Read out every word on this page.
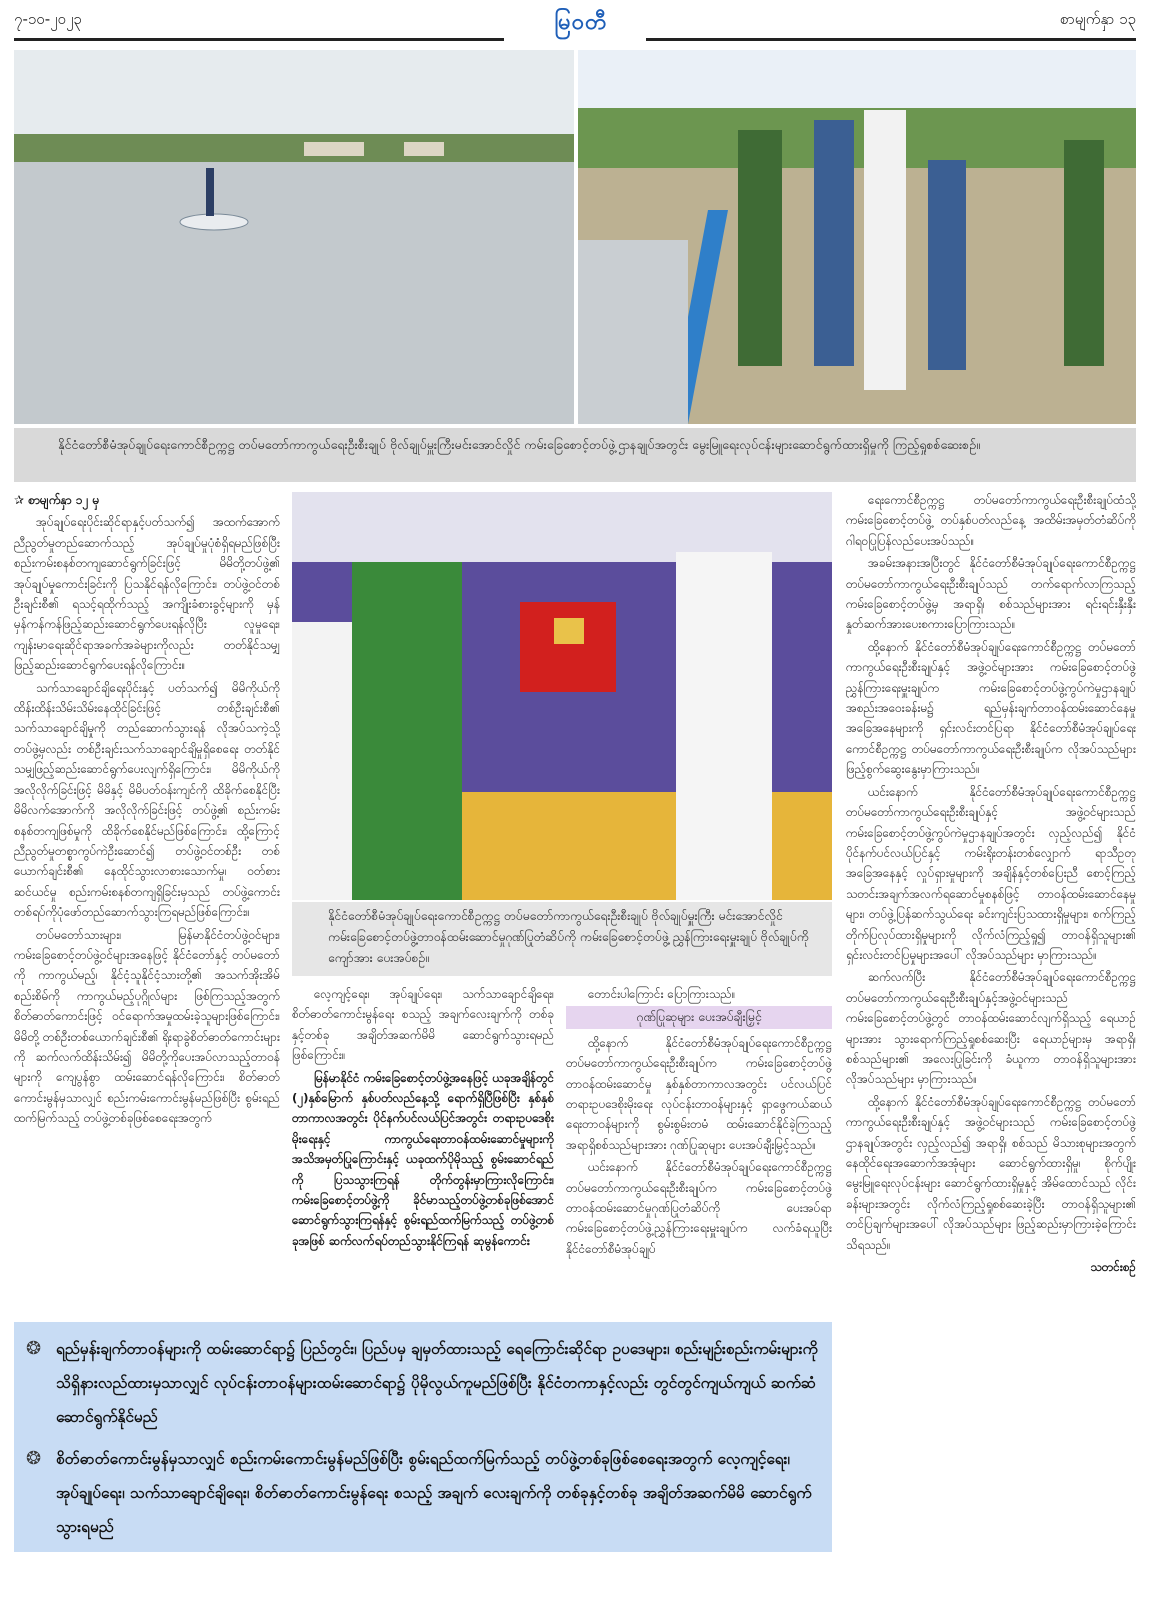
၇-၁၀-၂၀၂၃	မြဝတီ	စာမျက်နှာ ၁၃
နိုင်ငံတော်စီမံအုပ်ချုပ်ရေးကောင်စီဥက္ကဋ္ဌ တပ်မတော်ကာကွယ်ရေးဦးစီးချုပ် ဗိုလ်ချုပ်မှူးကြီးမင်းအောင်လှိုင် ကမ်းခြေစောင့်တပ်ဖွဲ့ဌာနချုပ်အတွင်း မွေးမြူရေးလုပ်ငန်းများဆောင်ရွက်ထားရှိမှုကို ကြည့်ရှုစစ်ဆေးစဉ်။

✰ စာမျက်နှာ ၁၂ မှ

အုပ်ချုပ်ရေးပိုင်းဆိုင်ရာနှင့်ပတ်သက်၍ အထက်အောက် ညီညွတ်မှုတည်ဆောက်သည့် အုပ်ချုပ်မှုပုံစံရှိရမည်ဖြစ်ပြီး စည်းကမ်းစနစ်တကျဆောင်ရွက်ခြင်းဖြင့် မိမိတို့တပ်ဖွဲ့၏ အုပ်ချုပ်မှုကောင်းခြင်းကို ပြသနိုင်ရန်လိုကြောင်း၊ တပ်ဖွဲ့ဝင်တစ်ဦးချင်းစီ၏ ရသင့်ရထိုက်သည့် အကျိုးခံစားခွင့်များကို မှန်မှန်ကန်ကန်ဖြည့်ဆည်းဆောင်ရွက်ပေးရန်လိုပြီး လူမှုရေး၊ ကျန်းမာရေးဆိုင်ရာအခက်အခဲများကိုလည်း တတ်နိုင်သမျှဖြည့်ဆည်းဆောင်ရွက်ပေးရန်လိုကြောင်း။

သက်သာချောင်ချိရေးပိုင်းနှင့် ပတ်သက်၍ မိမိကိုယ်ကို ထိန်းထိန်းသိမ်းသိမ်းနေထိုင်ခြင်းဖြင့် တစ်ဦးချင်းစီ၏ သက်သာချောင်ချိမှုကို တည်ဆောက်သွားရန် လိုအပ်သကဲ့သို့ တပ်ဖွဲ့မှလည်း တစ်ဦးချင်းသက်သာချောင်ချိမှုရှိစေရေး တတ်နိုင်သမျှဖြည့်ဆည်းဆောင်ရွက်ပေးလျက်ရှိကြောင်း၊ မိမိကိုယ်ကို အလိုလိုက်ခြင်းဖြင့် မိမိနှင့် မိမိပတ်ဝန်းကျင်ကို ထိခိုက်စေနိုင်ပြီး မိမိလက်အောက်ကို အလိုလိုက်ခြင်းဖြင့် တပ်ဖွဲ့၏ စည်းကမ်းစနစ်တကျဖြစ်မှုကို ထိခိုက်စေနိုင်မည်ဖြစ်ကြောင်း၊ ထို့ကြောင့် ညီညွတ်မှုတစ္စာကွပ်ကဲဦးဆောင်၍ တပ်ဖွဲ့ဝင်တစ်ဦး တစ်ယောက်ချင်းစီ၏ နေထိုင်သွားလာစားသောက်မှု၊ ဝတ်စားဆင်ယင်မှု စည်းကမ်းစနစ်တကျရှိခြင်းမှသည် တပ်ဖွဲ့ကောင်းတစ်ရပ်ကိုပုံဖော်တည်ဆောက်သွားကြရမည်ဖြစ်ကြောင်း။

တပ်မတော်သားများ၊ မြန်မာနိုင်ငံတပ်ဖွဲ့ဝင်များ၊ ကမ်းခြေစောင့်တပ်ဖွဲ့ဝင်များအနေဖြင့် နိုင်ငံတော်နှင့် တပ်မတော်ကို ကာကွယ်မည့်၊ နိုင်ငံ့သူနိုင်ငံ့သားတို့၏ အသက်အိုးအိမ်စည်းစိမ်ကို ကာကွယ်မည့်ပုဂ္ဂိုလ်များ ဖြစ်ကြသည့်အတွက် စိတ်ဓာတ်ကောင်းဖြင့် ဝင်ရောက်အမှုထမ်းခဲ့သူများဖြစ်ကြောင်း၊ မိမိတို့ တစ်ဦးတစ်ယောက်ချင်းစီ၏ ရိုးရာခွဲစိတ်ဓာတ်ကောင်းများကို ဆက်လက်ထိန်းသိမ်း၍ မိမိတို့ကိုပေးအပ်လာသည့်တာဝန်များကို ကျေပွန်စွာ ထမ်းဆောင်ရန်လိုကြောင်း၊ စိတ်ဓာတ်ကောင်းမွန်မှသာလျှင် စည်းကမ်းကောင်းမွန်မည်ဖြစ်ပြီး စွမ်းရည်ထက်မြက်သည့် တပ်ဖွဲ့တစ်ခုဖြစ်စေရေးအတွက်

နိုင်ငံတော်စီမံအုပ်ချုပ်ရေးကောင်စီဥက္ကဋ္ဌ တပ်မတော်ကာကွယ်ရေးဦးစီးချုပ် ဗိုလ်ချုပ်မှူးကြီး မင်းအောင်လှိုင် ကမ်းခြေစောင့်တပ်ဖွဲ့တာဝန်ထမ်းဆောင်မှုဂုဏ်ပြုတံဆိပ်ကို ကမ်းခြေစောင့်တပ်ဖွဲ့ ညွှန်ကြားရေးမှူးချုပ် ဗိုလ်ချုပ်ကိုကျော်အား ပေးအပ်စဉ်။

လေ့ကျင့်ရေး၊ အုပ်ချုပ်ရေး၊ သက်သာချောင်ချိရေး၊ စိတ်ဓာတ်ကောင်းမွန်ရေး စသည့် အချက်လေးချက်ကို တစ်ခုနှင့်တစ်ခု အချိတ်အဆက်မိမိ ဆောင်ရွက်သွားရမည်ဖြစ်ကြောင်း။

မြန်မာနိုင်ငံ ကမ်းခြေစောင့်တပ်ဖွဲ့အနေဖြင့် ယခုအချိန်တွင် (၂)နှစ်မြောက် နှစ်ပတ်လည်နေ့သို့ ရောက်ရှိပြီဖြစ်ပြီး နှစ်နှစ်တာကာလအတွင်း ပိုင်နက်ပင်လယ်ပြင်အတွင်း တရားဥပဒေစိုးမိုးရေးနှင့် ကာကွယ်ရေးတာဝန်ထမ်းဆောင်မှုများကို အသိအမှတ်ပြုကြောင်းနှင့် ယခုထက်ပိုမိုသည့် စွမ်းဆောင်ရည်ကို ပြသသွားကြရန် တိုက်တွန်းမှာကြားလိုကြောင်း၊ ကမ်းခြေစောင့်တပ်ဖွဲ့ကို ခိုင်မာသည့်တပ်ဖွဲ့တစ်ခုဖြစ်အောင် ဆောင်ရွက်သွားကြရန်နှင့် စွမ်းရည်ထက်မြက်သည့် တပ်ဖွဲ့တစ်ခုအဖြစ် ဆက်လက်ရပ်တည်သွားနိုင်ကြရန် ဆုမွန်ကောင်း

တောင်းပါကြောင်း ပြောကြားသည်။

ဂုဏ်ပြုဆုများ ပေးအပ်ချီးမြှင့်

ထို့နောက် နိုင်ငံတော်စီမံအုပ်ချုပ်ရေးကောင်စီဥက္ကဋ္ဌ တပ်မတော်ကာကွယ်ရေးဦးစီးချုပ်က ကမ်းခြေစောင့်တပ်ဖွဲ့တာဝန်ထမ်းဆောင်မှု နှစ်နှစ်တာကာလအတွင်း ပင်လယ်ပြင်တရားဥပဒေစိုးမိုးရေး လုပ်ငန်းတာဝန်များနှင့် ရှာဖွေကယ်ဆယ်ရေးတာဝန်များကို စွမ်းစွမ်းတမံ ထမ်းဆောင်နိုင်ခဲ့ကြသည့် အရာရှိစစ်သည်များအား ဂုဏ်ပြုဆုများ ပေးအပ်ချီးမြှင့်သည်။

ယင်းနောက် နိုင်ငံတော်စီမံအုပ်ချုပ်ရေးကောင်စီဥက္ကဋ္ဌ တပ်မတော်ကာကွယ်ရေးဦးစီးချုပ်က ကမ်းခြေစောင့်တပ်ဖွဲ့တာဝန်ထမ်းဆောင်မှုဂုဏ်ပြုတံဆိပ်ကို ပေးအပ်ရာ ကမ်းခြေစောင့်တပ်ဖွဲ့ညွှန်ကြားရေးမှူးချုပ်က လက်ခံရယူပြီး နိုင်ငံတော်စီမံအုပ်ချုပ်

ရေးကောင်စီဥက္ကဋ္ဌ တပ်မတော်ကာကွယ်ရေးဦးစီးချုပ်ထံသို့ ကမ်းခြေစောင့်တပ်ဖွဲ့ တပ်နှစ်ပတ်လည်နေ့ အထိမ်းအမှတ်တံဆိပ်ကို ဂါရဝပြုပြန်လည်ပေးအပ်သည်။

အခမ်းအနားအပြီးတွင် နိုင်ငံတော်စီမံအုပ်ချုပ်ရေးကောင်စီဥက္ကဋ္ဌ တပ်မတော်ကာကွယ်ရေးဦးစီးချုပ်သည် တက်ရောက်လာကြသည့် ကမ်းခြေစောင့်တပ်ဖွဲ့မှ အရာရှိ၊ စစ်သည်များအား ရင်းရင်းနှီးနှီး နှုတ်ဆက်အားပေးစကားပြောကြားသည်။

ထို့နောက် နိုင်ငံတော်စီမံအုပ်ချုပ်ရေးကောင်စီဥက္ကဋ္ဌ တပ်မတော်ကာကွယ်ရေးဦးစီးချုပ်နှင့် အဖွဲ့ဝင်များအား ကမ်းခြေစောင့်တပ်ဖွဲ့ညွှန်ကြားရေးမှူးချုပ်က ကမ်းခြေစောင့်တပ်ဖွဲ့ကွပ်ကဲမှုဌာနချုပ်အစည်းအဝေးခန်းမ၌ ရည်မှန်းချက်တာဝန်ထမ်းဆောင်နေမှုအခြေအနေများကို ရှင်းလင်းတင်ပြရာ နိုင်ငံတော်စီမံအုပ်ချုပ်ရေးကောင်စီဥက္ကဋ္ဌ တပ်မတော်ကာကွယ်ရေးဦးစီးချုပ်က လိုအပ်သည်များ ဖြည့်စွက်ဆွေးနွေးမှာကြားသည်။

ယင်းနောက် နိုင်ငံတော်စီမံအုပ်ချုပ်ရေးကောင်စီဥက္ကဋ္ဌ တပ်မတော်ကာကွယ်ရေးဦးစီးချုပ်နှင့် အဖွဲ့ဝင်များသည် ကမ်းခြေစောင့်တပ်ဖွဲ့ကွပ်ကဲမှုဌာနချုပ်အတွင်း လှည့်လည်၍ နိုင်ငံပိုင်နက်ပင်လယ်ပြင်နှင့် ကမ်းရိုးတန်းတစ်လျှောက် ရာသီဥတုအခြေအနေနှင့် လှုပ်ရှားမှုများကို အချိန်နှင့်တစ်ပြေးညီ စောင့်ကြည့်သတင်းအချက်အလက်ရဆောင်မှုစနစ်ဖြင့် တာဝန်ထမ်းဆောင်နေမှုများ၊ တပ်ဖွဲ့ပြန်ဆက်သွယ်ရေး ခင်းကျင်းပြသထားရှိမှုများ၊ စက်ကြည့်တိုက်ပြလုပ်ထားရှိမှုများကို လိုက်လံကြည့်ရှု၍ တာဝန်ရှိသူများ၏ ရှင်းလင်းတင်ပြမှုများအပေါ် လိုအပ်သည်များ မှာကြားသည်။

ဆက်လက်ပြီး နိုင်ငံတော်စီမံအုပ်ချုပ်ရေးကောင်စီဥက္ကဋ္ဌ တပ်မတော်ကာကွယ်ရေးဦးစီးချုပ်နှင့်အဖွဲ့ဝင်များသည် ကမ်းခြေစောင့်တပ်ဖွဲ့တွင် တာဝန်ထမ်းဆောင်လျက်ရှိသည့် ရေယာဉ်များအား သွားရောက်ကြည့်ရှုစစ်ဆေးပြီး ရေယာဉ်များမှ အရာရှိ၊ စစ်သည်များ၏ အလေးပြုခြင်းကို ခံယူကာ တာဝန်ရှိသူများအား လိုအပ်သည်များ မှာကြားသည်။

ထို့နောက် နိုင်ငံတော်စီမံအုပ်ချုပ်ရေးကောင်စီဥက္ကဋ္ဌ တပ်မတော်ကာကွယ်ရေးဦးစီးချုပ်နှင့် အဖွဲ့ဝင်များသည် ကမ်းခြေစောင့်တပ်ဖွဲ့ဌာနချုပ်အတွင်း လှည့်လည်၍ အရာရှိ၊ စစ်သည် မိသားစုများအတွက် နေထိုင်ရေးအဆောက်အအုံများ ဆောင်ရွက်ထားရှိမှု၊ စိုက်ပျိုးမွေးမြူရေးလုပ်ငန်းများ ဆောင်ရွက်ထားရှိမှုနှင့် အိမ်ထောင်သည် လိုင်းခန်းများအတွင်း လိုက်လံကြည့်ရှုစစ်ဆေးခဲ့ပြီး တာဝန်ရှိသူများ၏ တင်ပြချက်များအပေါ် လိုအပ်သည်များ ဖြည့်ဆည်းမှာကြားခဲ့ကြောင်း သိရသည်။

သတင်းစဉ်

❂ ရည်မှန်းချက်တာဝန်များကို ထမ်းဆောင်ရာ၌ ပြည်တွင်း၊ ပြည်ပမှ ချမှတ်ထားသည့် ရေကြောင်းဆိုင်ရာ ဥပဒေများ၊ စည်းမျဉ်းစည်းကမ်းများကို သိရှိနားလည်ထားမှသာလျှင် လုပ်ငန်းတာဝန်များထမ်းဆောင်ရာ၌ ပိုမိုလွယ်ကူမည်ဖြစ်ပြီး နိုင်ငံတကာနှင့်လည်း တွင်တွင်ကျယ်ကျယ် ဆက်ဆံဆောင်ရွက်နိုင်မည်
❂ စိတ်ဓာတ်ကောင်းမွန်မှသာလျှင် စည်းကမ်းကောင်းမွန်မည်ဖြစ်ပြီး စွမ်းရည်ထက်မြက်သည့် တပ်ဖွဲ့တစ်ခုဖြစ်စေရေးအတွက် လေ့ကျင့်ရေး၊ အုပ်ချုပ်ရေး၊ သက်သာချောင်ချိရေး၊ စိတ်ဓာတ်ကောင်းမွန်ရေး စသည့် အချက် လေးချက်ကို တစ်ခုနှင့်တစ်ခု အချိတ်အဆက်မိမိ ဆောင်ရွက်သွားရမည်
